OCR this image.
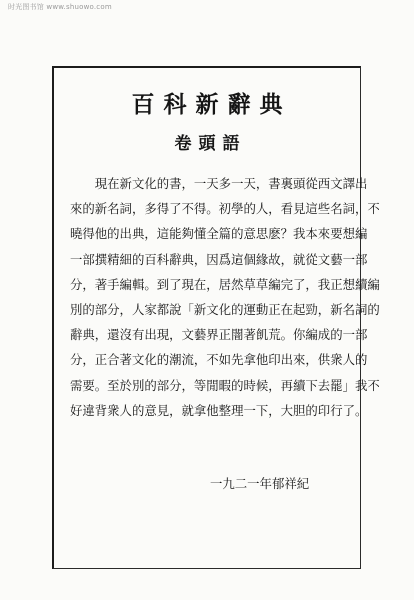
时光图书馆 www.shuowo.com
百科新辭典
卷頭語
　　現在新文化的書，一天多一天，書裏頭從西文譯出
來的新名詞，多得了不得。初學的人，看見這些名詞，不
曉得他的出典，這能夠懂全篇的意思麽？我本來要想編
一部撰精細的百科辭典，因爲這個緣故，就從文藝一部
分，著手編輯。到了現在，居然草草編完了，我正想續編
別的部分，人家都說「新文化的運動正在起勁，新名詞的
辭典，還沒有出現，文藝界正闇著飢荒。你編成的一部
分，正合著文化的潮流，不如先拿他印出來，供衆人的
需要。至於別的部分，等閒暇的時候，再續下去罷」我不
好違背衆人的意見，就拿他整理一下，大胆的印行了。
一九二一年郁祥紀
